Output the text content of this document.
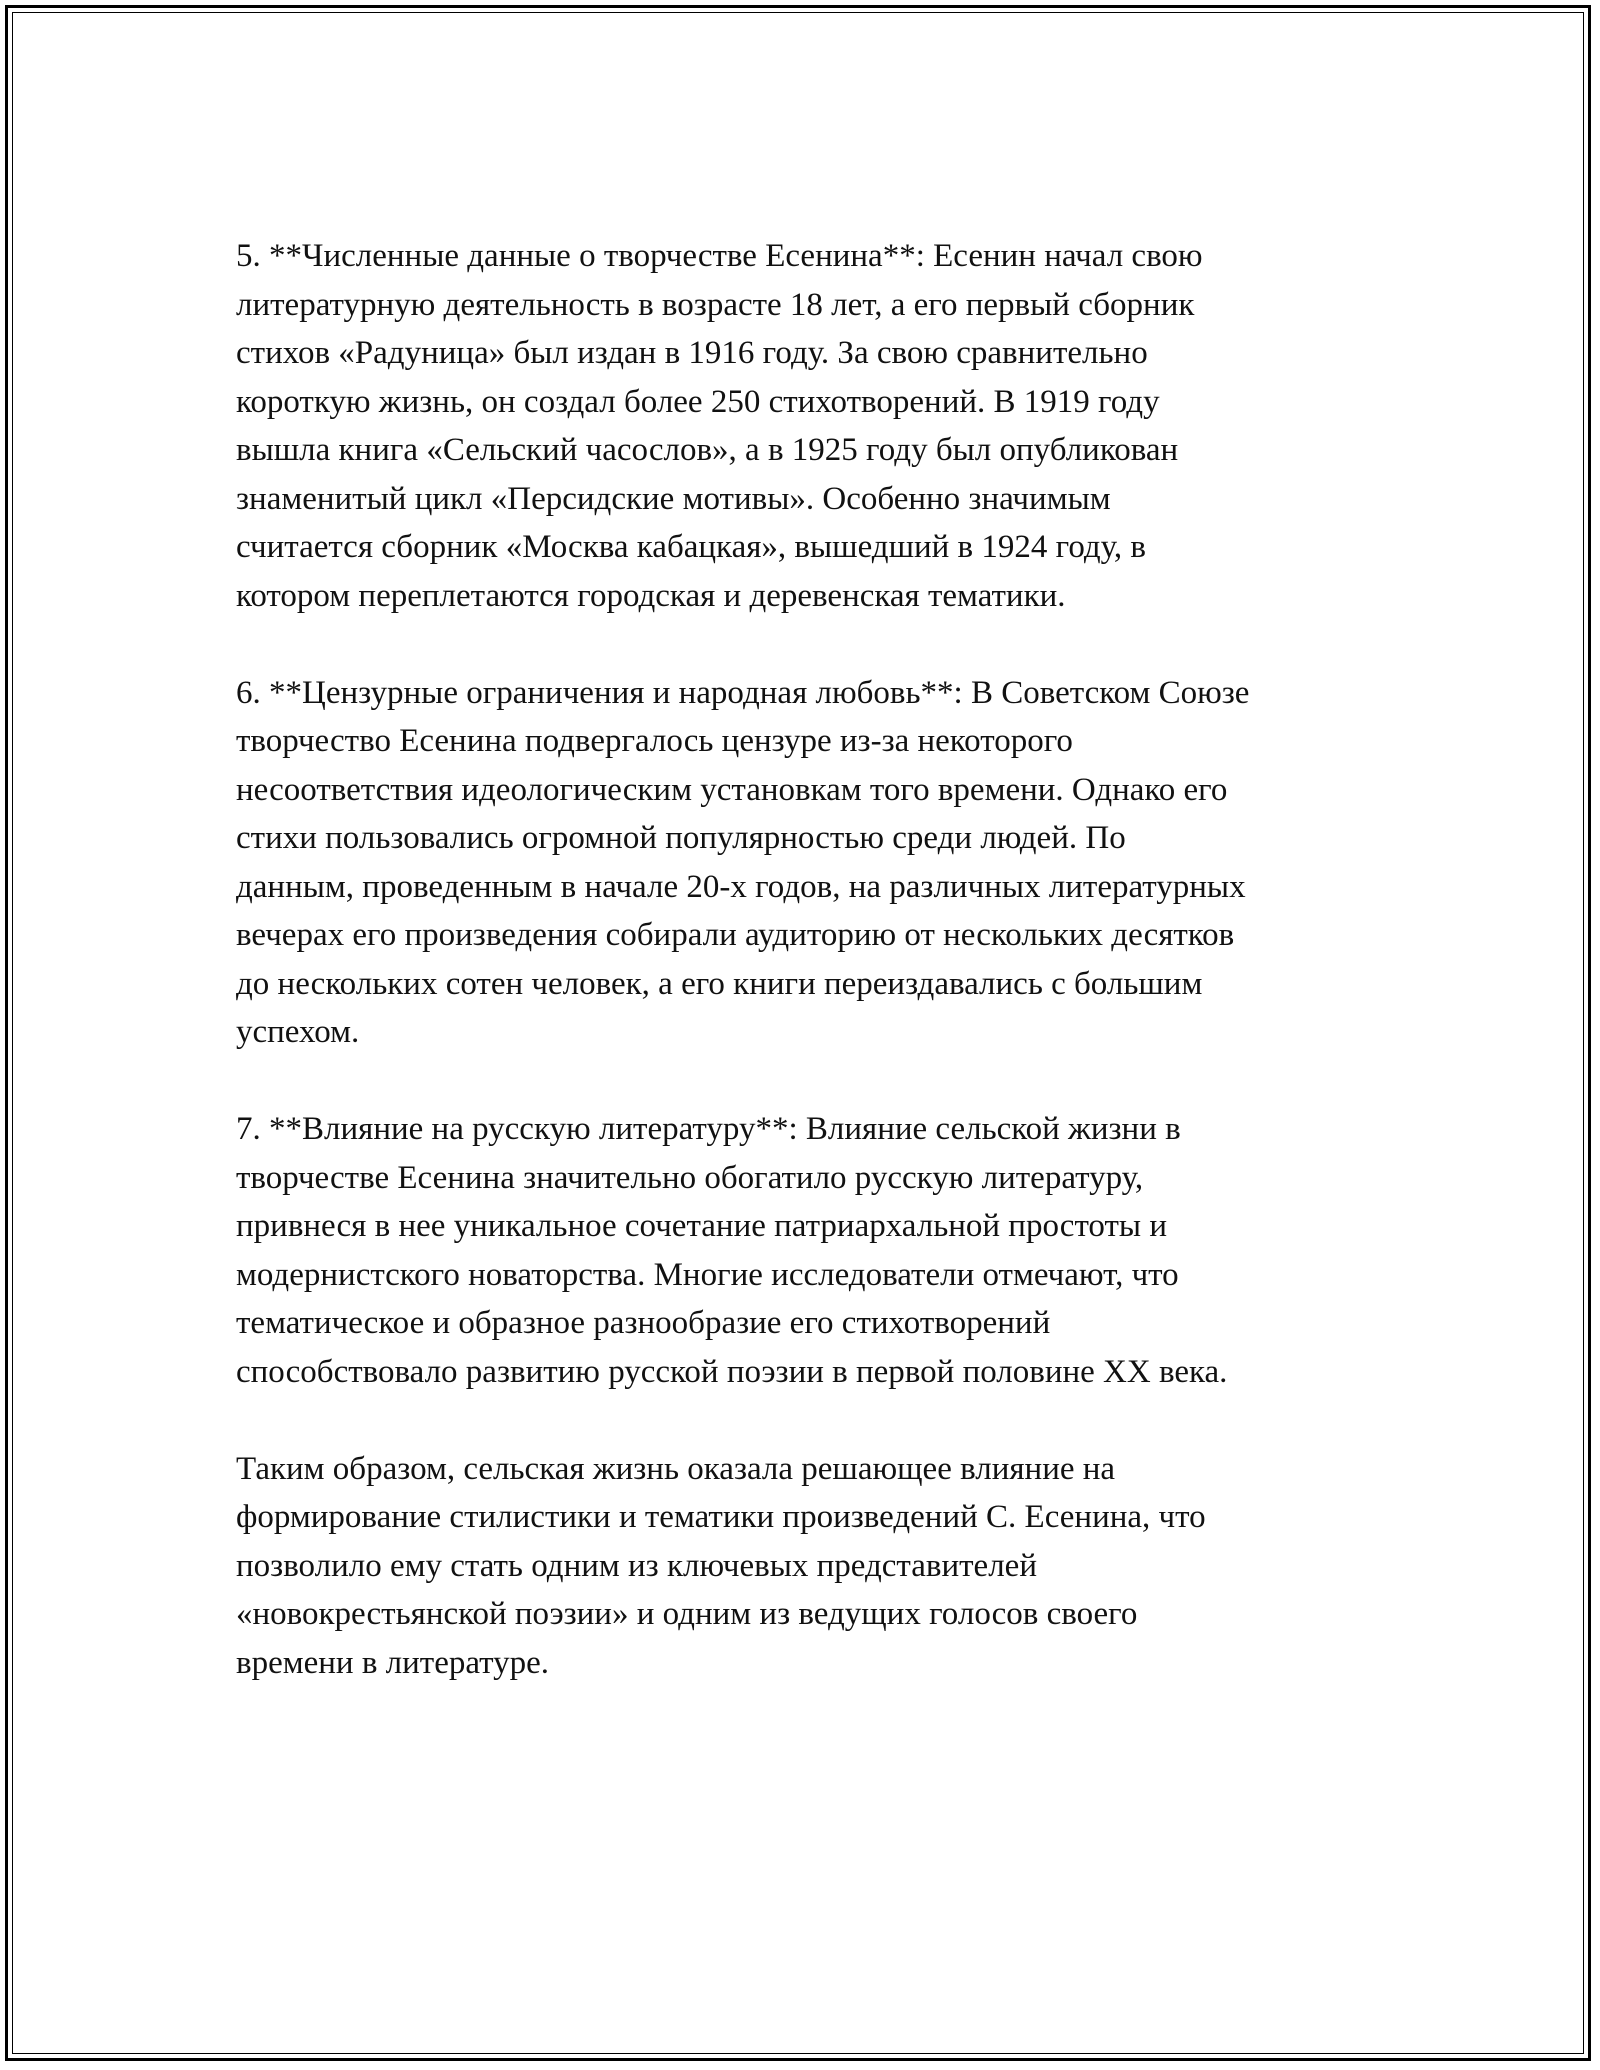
5. **Численные данные о творчестве Есенина**: Есенин начал свою
литературную деятельность в возрасте 18 лет, а его первый сборник
стихов «Радуница» был издан в 1916 году. За свою сравнительно
короткую жизнь, он создал более 250 стихотворений. В 1919 году
вышла книга «Сельский часослов», а в 1925 году был опубликован
знаменитый цикл «Персидские мотивы». Особенно значимым
считается сборник «Москва кабацкая», вышедший в 1924 году, в
котором переплетаются городская и деревенская тематики.

6. **Цензурные ограничения и народная любовь**: В Советском Союзе
творчество Есенина подвергалось цензуре из-за некоторого
несоответствия идеологическим установкам того времени. Однако его
стихи пользовались огромной популярностью среди людей. По
данным, проведенным в начале 20-х годов, на различных литературных
вечерах его произведения собирали аудиторию от нескольких десятков
до нескольких сотен человек, а его книги переиздавались с большим
успехом.

7. **Влияние на русскую литературу**: Влияние сельской жизни в
творчестве Есенина значительно обогатило русскую литературу,
привнеся в нее уникальное сочетание патриархальной простоты и
модернистского новаторства. Многие исследователи отмечают, что
тематическое и образное разнообразие его стихотворений
способствовало развитию русской поэзии в первой половине XX века.

Таким образом, сельская жизнь оказала решающее влияние на
формирование стилистики и тематики произведений С. Есенина, что
позволило ему стать одним из ключевых представителей
«новокрестьянской поэзии» и одним из ведущих голосов своего
времени в литературе.
